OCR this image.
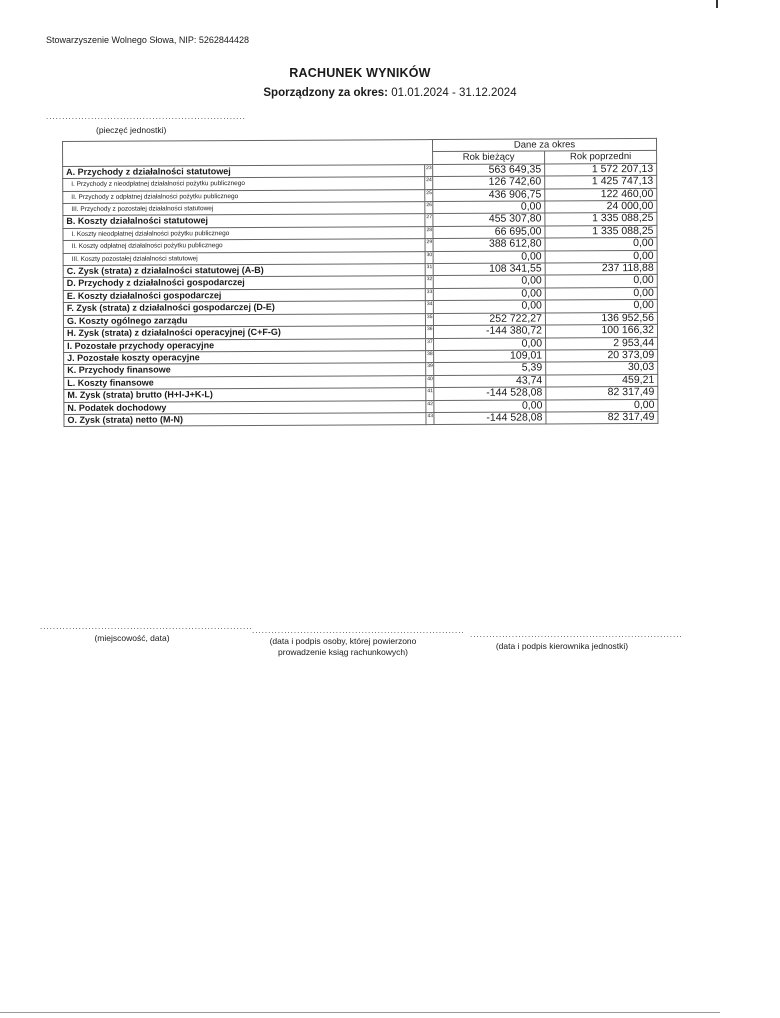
Stowarzyszenie Wolnego Słowa, NIP: 5262844428
RACHUNEK WYNIKÓW
Sporządzony za okres: 01.01.2024 - 31.12.2024
..............................................................
(pieczęć jednostki)
		Dane za okres	
		Rok bieżący	Rok poprzedni
A. Przychody z działalności statutowej	23	563 649,35	1 572 207,13
I. Przychody z nieodpłatnej działalności pożytku publicznego	24	126 742,60	1 425 747,13
II. Przychody z odpłatnej działalności pożytku publicznego	25	436 906,75	122 460,00
III. Przychody z pozostałej działalności statutowej	26	0,00	24 000,00
B. Koszty działalności statutowej	27	455 307,80	1 335 088,25
I. Koszty nieodpłatnej działalności pożytku publicznego	28	66 695,00	1 335 088,25
II. Koszty odpłatnej działalności pożytku publicznego	29	388 612,80	0,00
III. Koszty pozostałej działalności statutowej	30	0,00	0,00
C. Zysk (strata) z działalności statutowej (A-B)	31	108 341,55	237 118,88
D. Przychody z działalności gospodarczej	32	0,00	0,00
E. Koszty działalności gospodarczej	33	0,00	0,00
F. Zysk (strata) z działalności gospodarczej (D-E)	34	0,00	0,00
G. Koszty ogólnego zarządu	35	252 722,27	136 952,56
H. Zysk (strata) z działalności operacyjnej (C+F-G)	36	-144 380,72	100 166,32
I. Pozostałe przychody operacyjne	37	0,00	2 953,44
J. Pozostałe koszty operacyjne	38	109,01	20 373,09
K. Przychody finansowe	39	5,39	30,03
L. Koszty finansowe	40	43,74	459,21
M. Zysk (strata) brutto (H+I-J+K-L)	41	-144 528,08	82 317,49
N. Podatek dochodowy	42	0,00	0,00
O. Zysk (strata) netto (M-N)	43	-144 528,08	82 317,49
..................................................................
(miejscowość, data)
..................................................................
(data i podpis osoby, której powierzono
prowadzenie ksiąg rachunkowych)
..................................................................
(data i podpis kierownika jednostki)
